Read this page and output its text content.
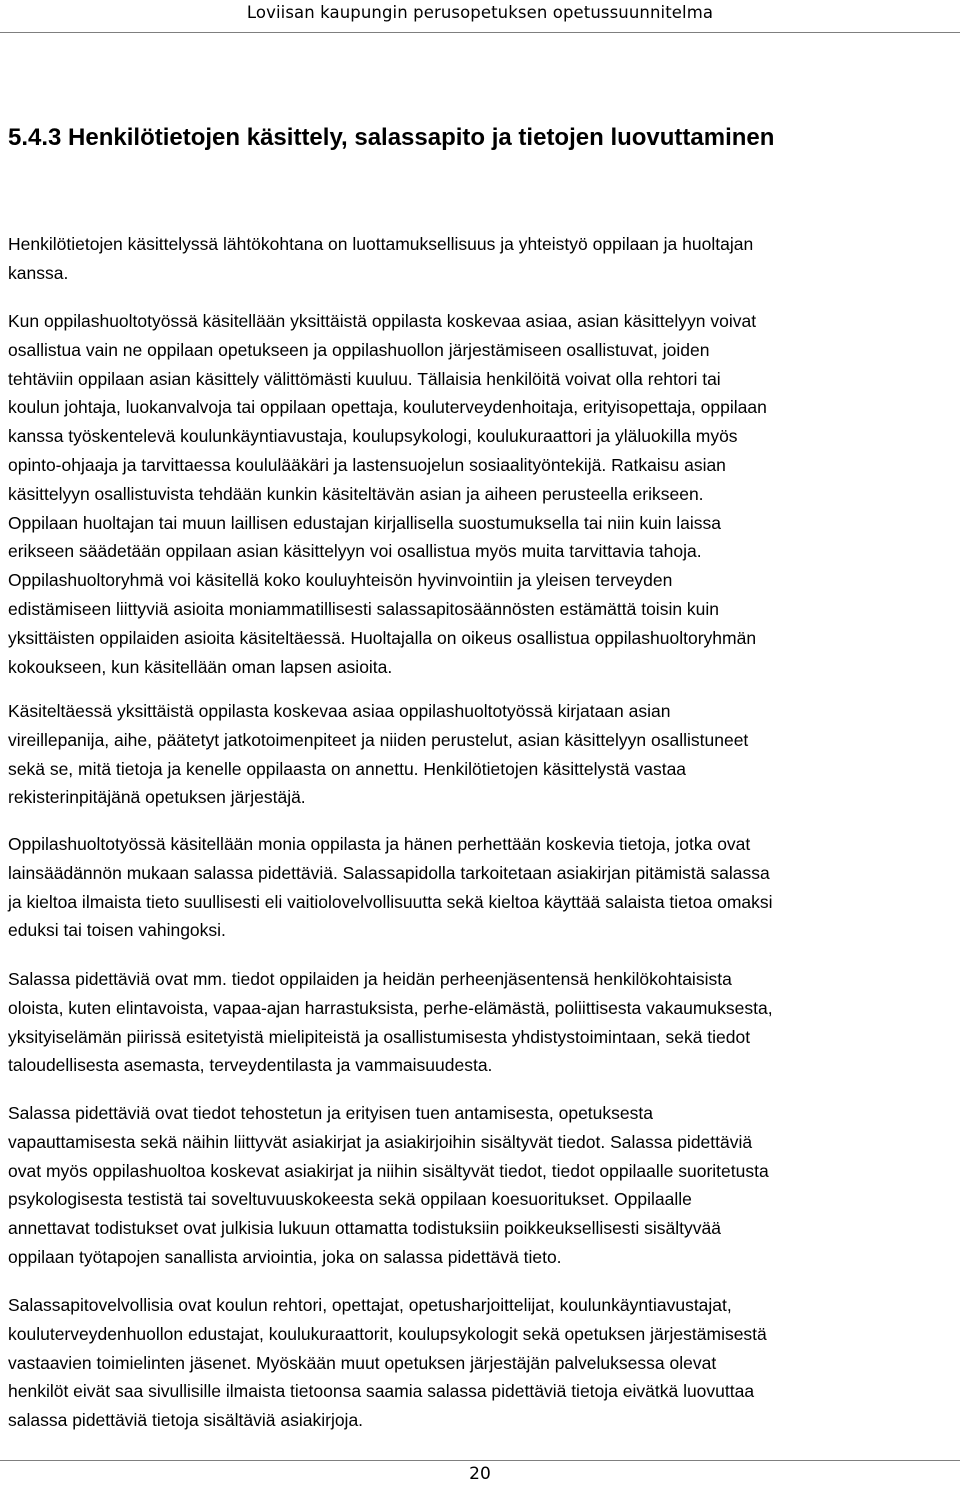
Loviisan kaupungin perusopetuksen opetussuunnitelma
5.4.3 Henkilötietojen käsittely, salassapito ja tietojen luovuttaminen

Henkilötietojen käsittelyssä lähtökohtana on luottamuksellisuus ja yhteistyö oppilaan ja huoltajan
kanssa.

Kun oppilashuoltotyössä käsitellään yksittäistä oppilasta koskevaa asiaa, asian käsittelyyn voivat
osallistua vain ne oppilaan opetukseen ja oppilashuollon järjestämiseen osallistuvat, joiden
tehtäviin oppilaan asian käsittely välittömästi kuuluu. Tällaisia henkilöitä voivat olla rehtori tai
koulun johtaja, luokanvalvoja tai oppilaan opettaja, kouluterveydenhoitaja, erityisopettaja, oppilaan
kanssa työskentelevä koulunkäyntiavustaja, koulupsykologi, koulukuraattori ja yläluokilla myös
opinto-ohjaaja ja tarvittaessa koululääkäri ja lastensuojelun sosiaalityöntekijä. Ratkaisu asian
käsittelyyn osallistuvista tehdään kunkin käsiteltävän asian ja aiheen perusteella erikseen.
Oppilaan huoltajan tai muun laillisen edustajan kirjallisella suostumuksella tai niin kuin laissa
erikseen säädetään oppilaan asian käsittelyyn voi osallistua myös muita tarvittavia tahoja.
Oppilashuoltoryhmä voi käsitellä koko kouluyhteisön hyvinvointiin ja yleisen terveyden
edistämiseen liittyviä asioita moniammatillisesti salassapitosäännösten estämättä toisin kuin
yksittäisten oppilaiden asioita käsiteltäessä. Huoltajalla on oikeus osallistua oppilashuoltoryhmän
kokoukseen, kun käsitellään oman lapsen asioita.

Käsiteltäessä yksittäistä oppilasta koskevaa asiaa oppilashuoltotyössä kirjataan asian
vireillepanija, aihe, päätetyt jatkotoimenpiteet ja niiden perustelut, asian käsittelyyn osallistuneet
sekä se, mitä tietoja ja kenelle oppilaasta on annettu. Henkilötietojen käsittelystä vastaa
rekisterinpitäjänä opetuksen järjestäjä.

Oppilashuoltotyössä käsitellään monia oppilasta ja hänen perhettään koskevia tietoja, jotka ovat
lainsäädännön mukaan salassa pidettäviä. Salassapidolla tarkoitetaan asiakirjan pitämistä salassa
ja kieltoa ilmaista tieto suullisesti eli vaitiolovelvollisuutta sekä kieltoa käyttää salaista tietoa omaksi
eduksi tai toisen vahingoksi.

Salassa pidettäviä ovat mm. tiedot oppilaiden ja heidän perheenjäsentensä henkilökohtaisista
oloista, kuten elintavoista, vapaa-ajan harrastuksista, perhe-elämästä, poliittisesta vakaumuksesta,
yksityiselämän piirissä esitetyistä mielipiteistä ja osallistumisesta yhdistystoimintaan, sekä tiedot
taloudellisesta asemasta, terveydentilasta ja vammaisuudesta.

Salassa pidettäviä ovat tiedot tehostetun ja erityisen tuen antamisesta, opetuksesta
vapauttamisesta sekä näihin liittyvät asiakirjat ja asiakirjoihin sisältyvät tiedot. Salassa pidettäviä
ovat myös oppilashuoltoa koskevat asiakirjat ja niihin sisältyvät tiedot, tiedot oppilaalle suoritetusta
psykologisesta testistä tai soveltuvuuskokeesta sekä oppilaan koesuoritukset. Oppilaalle
annettavat todistukset ovat julkisia lukuun ottamatta todistuksiin poikkeuksellisesti sisältyvää
oppilaan työtapojen sanallista arviointia, joka on salassa pidettävä tieto.

Salassapitovelvollisia ovat koulun rehtori, opettajat, opetusharjoittelijat, koulunkäyntiavustajat,
kouluterveydenhuollon edustajat, koulukuraattorit, koulupsykologit sekä opetuksen järjestämisestä
vastaavien toimielinten jäsenet. Myöskään muut opetuksen järjestäjän palveluksessa olevat
henkilöt eivät saa sivullisille ilmaista tietoonsa saamia salassa pidettäviä tietoja eivätkä luovuttaa
salassa pidettäviä tietoja sisältäviä asiakirjoja.

20
